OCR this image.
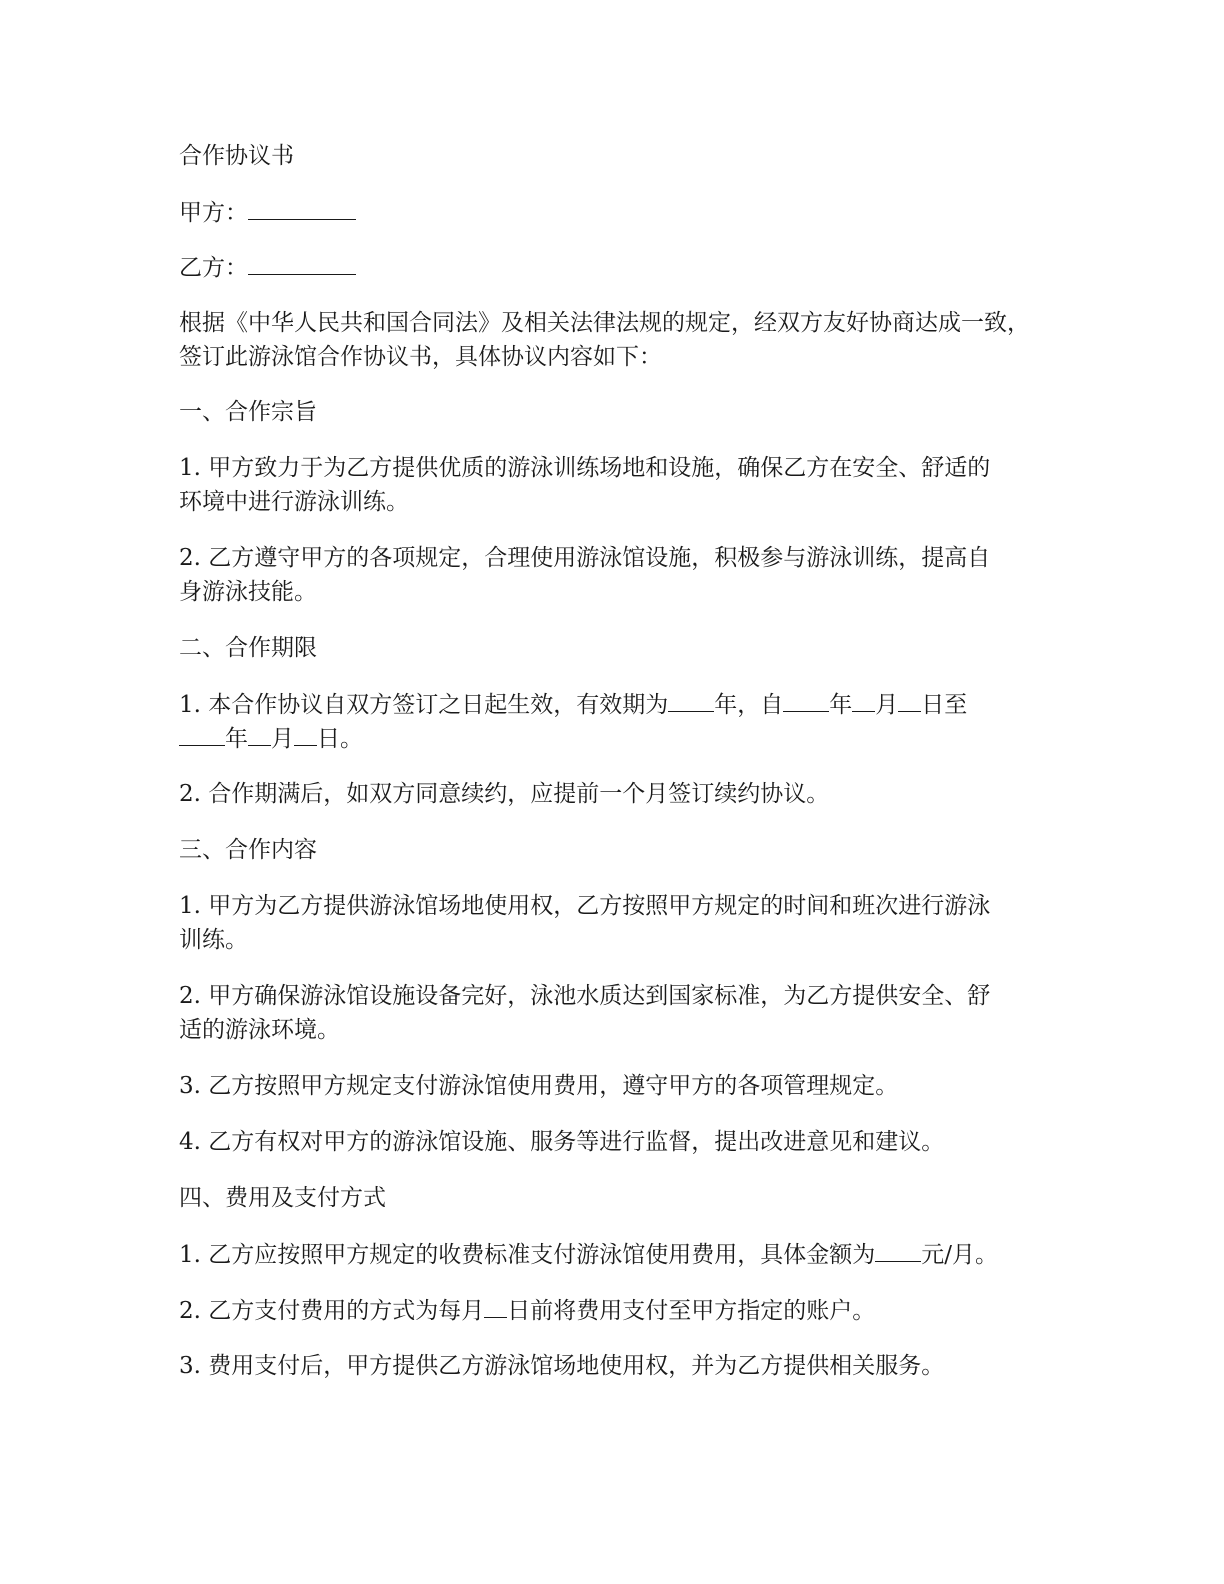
合作协议书
甲方：
乙方：
根据《中华人民共和国合同法》及相关法律法规的规定，经双方友好协商达成一致，
签订此游泳馆合作协议书，具体协议内容如下：
一、合作宗旨
1. 甲方致力于为乙方提供优质的游泳训练场地和设施，确保乙方在安全、舒适的
环境中进行游泳训练。
2. 乙方遵守甲方的各项规定，合理使用游泳馆设施，积极参与游泳训练，提高自
身游泳技能。
二、合作期限
1. 本合作协议自双方签订之日起生效，有效期为 年，自 年 月 日至
年 月 日。
2. 合作期满后，如双方同意续约，应提前一个月签订续约协议。
三、合作内容
1. 甲方为乙方提供游泳馆场地使用权，乙方按照甲方规定的时间和班次进行游泳
训练。
2. 甲方确保游泳馆设施设备完好，泳池水质达到国家标准，为乙方提供安全、舒
适的游泳环境。
3. 乙方按照甲方规定支付游泳馆使用费用，遵守甲方的各项管理规定。
4. 乙方有权对甲方的游泳馆设施、服务等进行监督，提出改进意见和建议。
四、费用及支付方式
1. 乙方应按照甲方规定的收费标准支付游泳馆使用费用，具体金额为 元/月。
2. 乙方支付费用的方式为每月 日前将费用支付至甲方指定的账户。
3. 费用支付后，甲方提供乙方游泳馆场地使用权，并为乙方提供相关服务。
